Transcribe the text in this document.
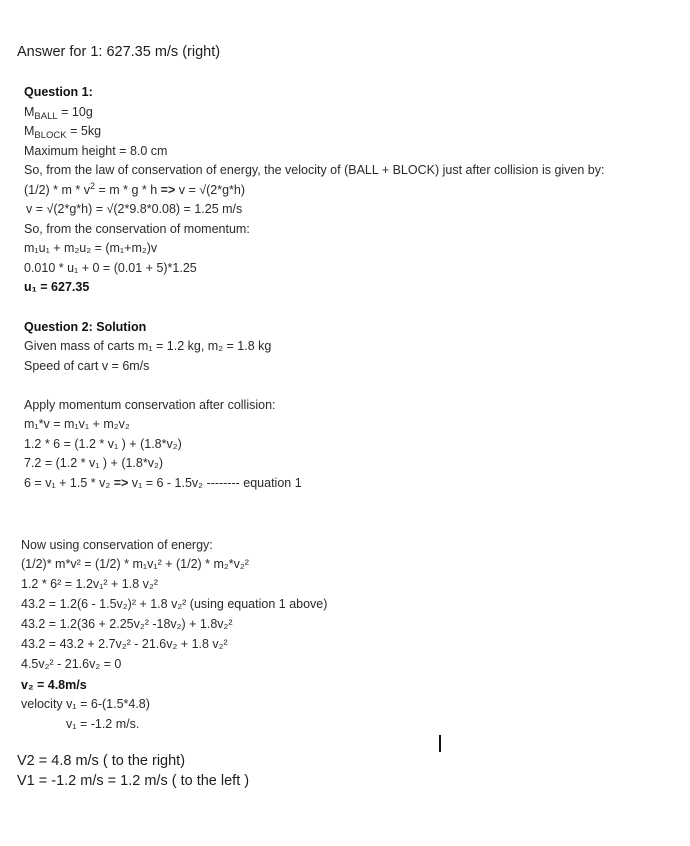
Answer for 1: 627.35 m/s (right)
Question 1:
$M_{BALL} = 10g$
$M_{BLOCK} = 5kg$
Maximum height = 8.0 cm
So, from the law of conservation of energy, the velocity of (BALL + BLOCK) just after collision is given by:
$(1/2) * m * v^2 = m * g * h => v = √(2*g*h)$
v = √(2*g*h) = √(2*9.8*0.08) = 1.25 m/s
So, from the conservation of momentum:
m₁u₁ + m₂u₂ = (m₁+m₂)v
0.010 * u₁ + 0 = (0.01 + 5)*1.25
u₁ = 627.35
Question 2: Solution
Given mass of carts m₁ = 1.2 kg, m₂ = 1.8 kg
Speed of cart v = 6m/s
Apply momentum conservation after collision:
m₁*v = m₁v₁ + m₂v₂
1.2 * 6 = (1.2 * v₁ ) + (1.8*v₂)
7.2 = (1.2 * v₁ ) + (1.8*v₂)
6 = v₁ + 1.5 * v₂ => v₁ = 6 - 1.5v₂ -------- equation 1
Now using conservation of energy:
(1/2)* m*v² = (1/2) * m₁v₁² + (1/2) * m₂*v₂²
1.2 * 6² = 1.2v₁² + 1.8 v₂²
43.2 = 1.2(6 - 1.5v₂)² + 1.8 v₂² (using equation 1 above)
43.2 = 1.2(36 + 2.25v₂² -18v₂) + 1.8v₂²
43.2 = 43.2 + 2.7v₂² - 21.6v₂ + 1.8 v₂²
4.5v₂² - 21.6v₂ = 0
v₂ = 4.8m/s
velocity v₁ = 6-(1.5*4.8)
v₁ = -1.2 m/s.
V2 = 4.8 m/s ( to the right)
V1 = -1.2 m/s = 1.2 m/s ( to the left )
